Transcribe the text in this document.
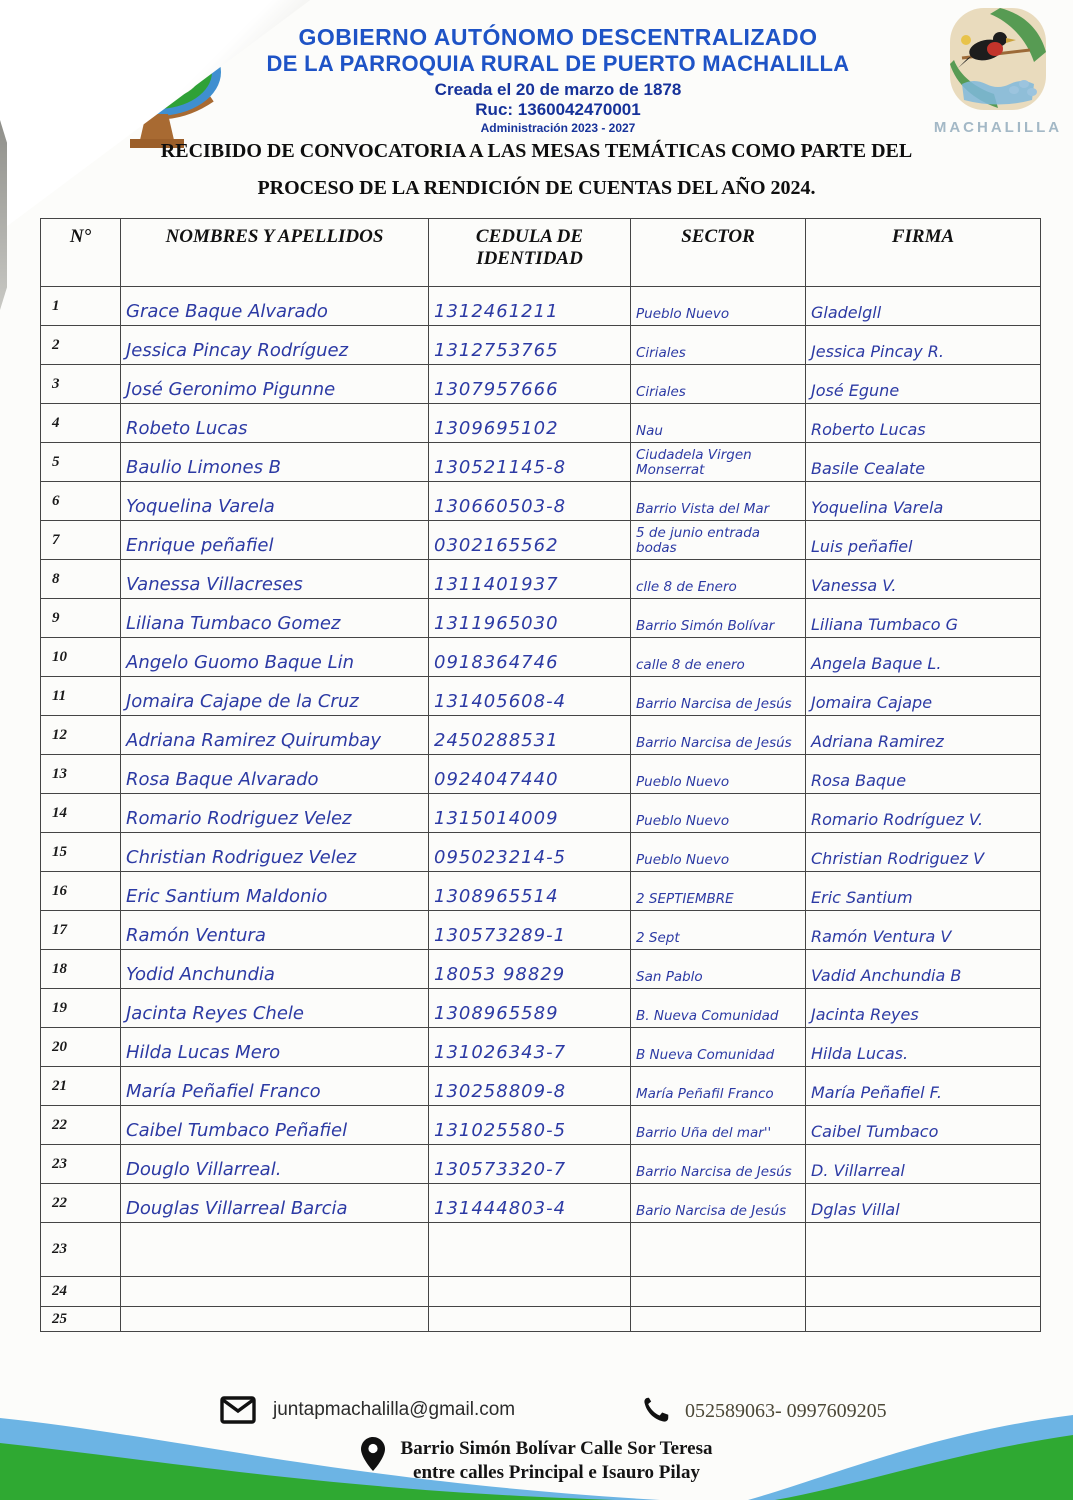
GOBIERNO AUTÓNOMO DESCENTRALIZADO
DE LA PARROQUIA RURAL DE PUERTO MACHALILLA
Creada el 20 de marzo de 1878
Ruc: 1360042470001
Administración 2023 - 2027	MACHALILLA
RECIBIDO DE CONVOCATORIA A LAS MESAS TEMÁTICAS COMO PARTE DEL
PROCESO DE LA RENDICIÓN DE CUENTAS DEL AÑO 2024.
N°	NOMBRES Y APELLIDOS	CEDULA DE IDENTIDAD	SECTOR	FIRMA
1	Grace Baque Alvarado	1312461211	Pueblo Nuevo	Gladelgll
2	Jessica Pincay Rodríguez	1312753765	Ciriales	Jessica Pincay R.
3	José Geronimo Pigunne	1307957666	Ciriales	José Egune
4	Robeto Lucas	1309695102	Nau	Roberto Lucas
5	Baulio Limones B	130521145-8	Ciudadela Virgen Monserrat	Basile Cealate
6	Yoquelina Varela	130660503-8	Barrio Vista del Mar	Yoquelina Varela
7	Enrique peñafiel	0302165562	5 de junio entrada bodas	Luis peñafiel
8	Vanessa Villacreses	1311401937	clle 8 de Enero	Vanessa V.
9	Liliana Tumbaco Gomez	1311965030	Barrio Simón Bolívar	Liliana Tumbaco G
10	Angelo Guomo Baque Lin	0918364746	calle 8 de enero	Angela Baque L.
11	Jomaira Cajape de la Cruz	131405608-4	Barrio Narcisa de Jesús	Jomaira Cajape
12	Adriana Ramirez Quirumbay	2450288531	Barrio Narcisa de Jesús	Adriana Ramirez
13	Rosa Baque Alvarado	0924047440	Pueblo Nuevo	Rosa Baque
14	Romario Rodriguez Velez	1315014009	Pueblo Nuevo	Romario Rodríguez V.
15	Christian Rodriguez Velez	095023214-5	Pueblo Nuevo	Christian Rodriguez V
16	Eric Santium Maldonio	1308965514	2 SEPTIEMBRE	Eric Santium
17	Ramón Ventura	130573289-1	2 Sept	Ramón Ventura V
18	Yodid Anchundia	18053 98829	San Pablo	Vadid Anchundia B
19	Jacinta Reyes Chele	1308965589	B. Nueva Comunidad	Jacinta Reyes
20	Hilda Lucas Mero	131026343-7	B Nueva Comunidad	Hilda Lucas.
21	María Peñafiel Franco	130258809-8	María Peñafil Franco	María Peñafiel F.
22	Caibel Tumbaco Peñafiel	131025580-5	Barrio Uña del mar''	Caibel Tumbaco
23	Douglo Villarreal.	130573320-7	Barrio Narcisa de Jesús	D. Villarreal
22	Douglas Villarreal Barcia	131444803-4	Bario Narcisa de Jesús	Dglas Villal
23				
24				
25				
juntapmachalilla@gmail.com	052589063- 0997609205
Barrio Simón Bolívar Calle Sor Teresa
entre calles Principal e Isauro Pilay
